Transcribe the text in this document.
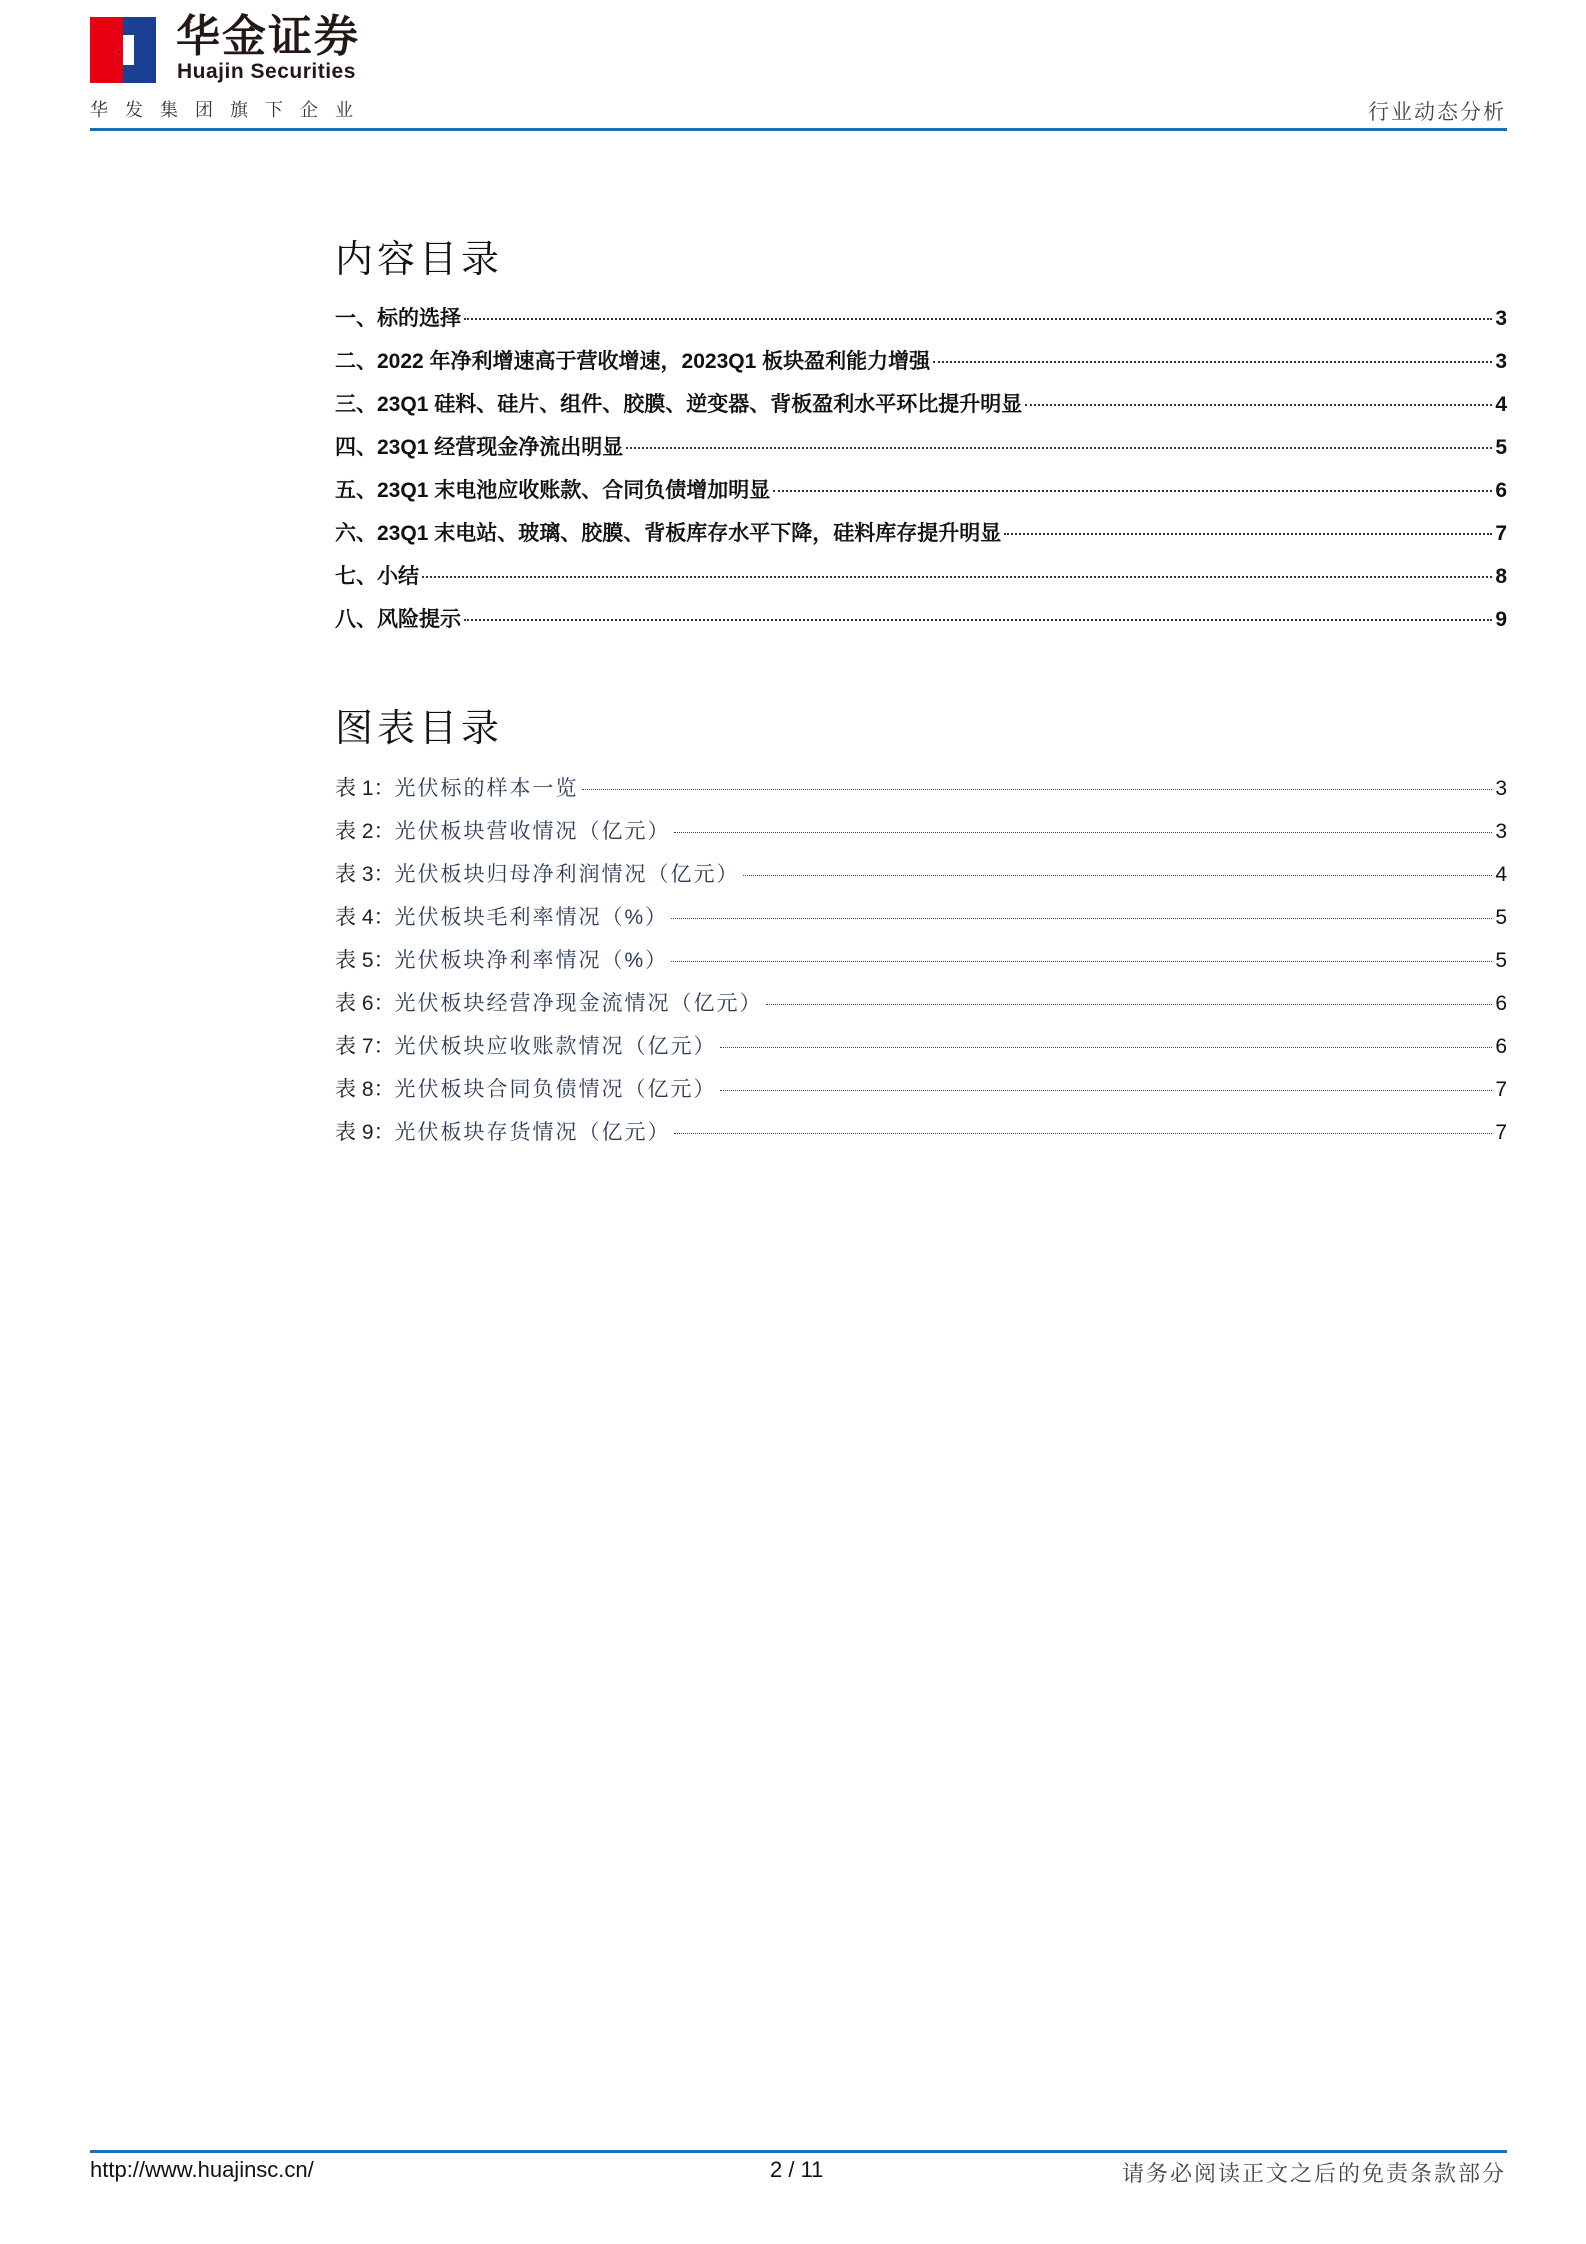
华金证券
Huajin Securities
华发集团旗下企业	行业动态分析
内容目录
一、标的选择	3
二、2022 年净利增速高于营收增速，2023Q1 板块盈利能力增强	3
三、23Q1 硅料、硅片、组件、胶膜、逆变器、背板盈利水平环比提升明显	4
四、23Q1 经营现金净流出明显	5
五、23Q1 末电池应收账款、合同负债增加明显	6
六、23Q1 末电站、玻璃、胶膜、背板库存水平下降，硅料库存提升明显	7
七、小结	8
八、风险提示	9
图表目录
表 1：光伏标的样本一览	3
表 2：光伏板块营收情况（亿元）	3
表 3：光伏板块归母净利润情况（亿元）	4
表 4：光伏板块毛利率情况（%）	5
表 5：光伏板块净利率情况（%）	5
表 6：光伏板块经营净现金流情况（亿元）	6
表 7：光伏板块应收账款情况（亿元）	6
表 8：光伏板块合同负债情况（亿元）	7
表 9：光伏板块存货情况（亿元）	7
http://www.huajinsc.cn/	2 / 11	请务必阅读正文之后的免责条款部分
